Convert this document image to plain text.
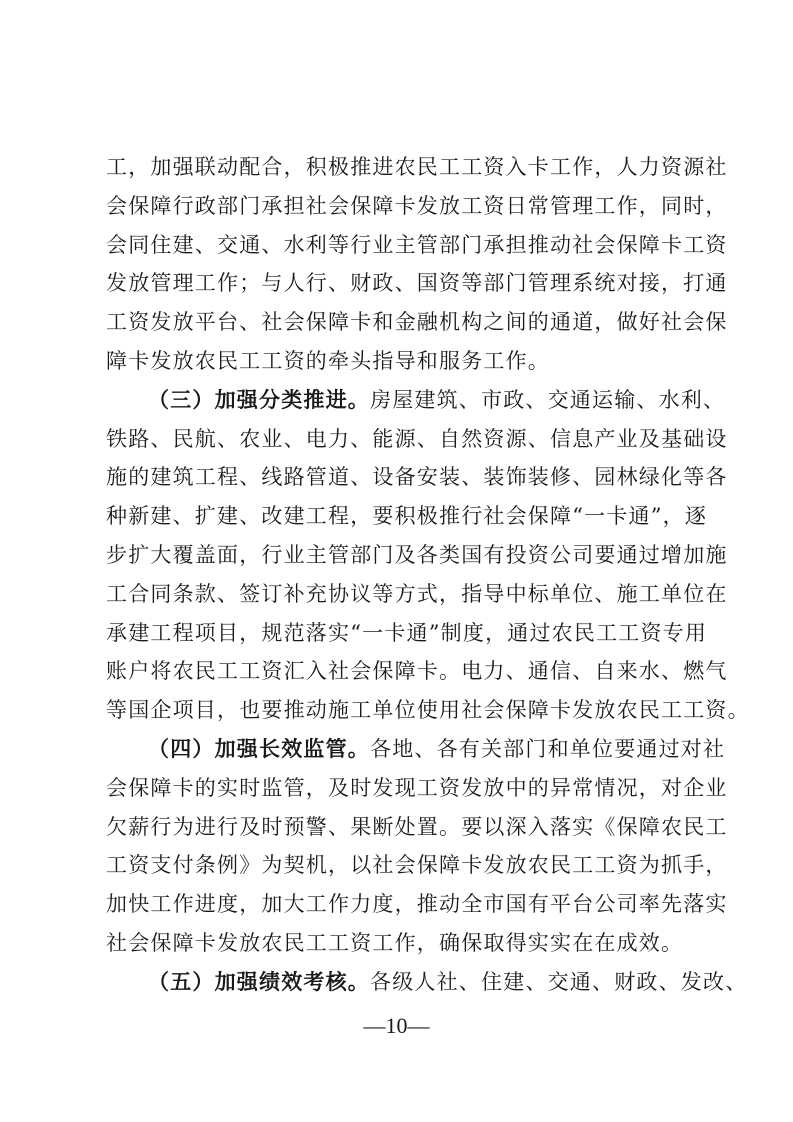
工，加强联动配合，积极推进农民工工资入卡工作，人力资源社
会保障行政部门承担社会保障卡发放工资日常管理工作，同时，
会同住建、交通、水利等行业主管部门承担推动社会保障卡工资
发放管理工作；与人行、财政、国资等部门管理系统对接，打通
工资发放平台、社会保障卡和金融机构之间的通道，做好社会保
障卡发放农民工工资的牵头指导和服务工作。
（三）加强分类推进。房屋建筑、市政、交通运输、水利、
铁路、民航、农业、电力、能源、自然资源、信息产业及基础设
施的建筑工程、线路管道、设备安装、装饰装修、园林绿化等各
种新建、扩建、改建工程，要积极推行社会保障“一卡通”，逐
步扩大覆盖面，行业主管部门及各类国有投资公司要通过增加施
工合同条款、签订补充协议等方式，指导中标单位、施工单位在
承建工程项目，规范落实“一卡通”制度，通过农民工工资专用
账户将农民工工资汇入社会保障卡。电力、通信、自来水、燃气
等国企项目，也要推动施工单位使用社会保障卡发放农民工工资。
（四）加强长效监管。各地、各有关部门和单位要通过对社
会保障卡的实时监管，及时发现工资发放中的异常情况，对企业
欠薪行为进行及时预警、果断处置。要以深入落实《保障农民工
工资支付条例》为契机，以社会保障卡发放农民工工资为抓手，
加快工作进度，加大工作力度，推动全市国有平台公司率先落实
社会保障卡发放农民工工资工作，确保取得实实在在成效。
（五）加强绩效考核。各级人社、住建、交通、财政、发改、
—10—
